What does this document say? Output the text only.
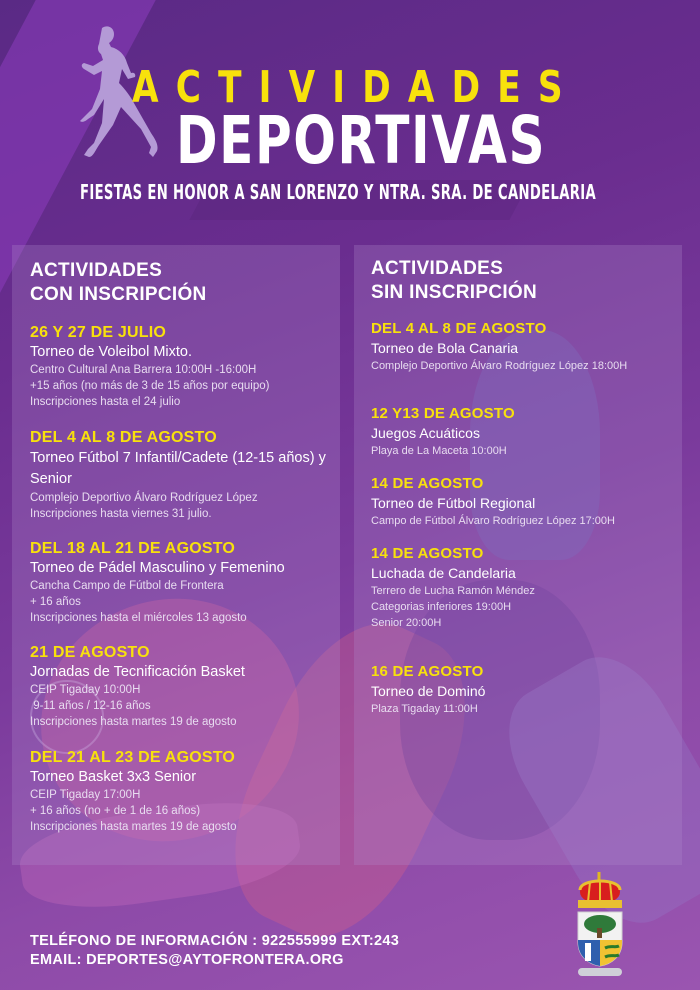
ACTIVIDADES
DEPORTIVAS
FIESTAS EN HONOR A SAN LORENZO Y NTRA. SRA. DE CANDELARIA
ACTIVIDADES
CON INSCRIPCIÓN
26 Y 27 DE JULIO
Torneo de Voleibol Mixto.
Centro Cultural Ana Barrera 10:00H -16:00H
+15 años (no más de 3 de 15 años por equipo)
Inscripciones hasta el 24 julio
DEL 4 AL 8 DE AGOSTO
Torneo Fútbol 7 Infantil/Cadete (12-15 años) y Senior
Complejo Deportivo Álvaro Rodríguez López
Inscripciones hasta viernes 31 julio.
DEL 18 AL 21 DE AGOSTO
Torneo de Pádel Masculino y Femenino
Cancha Campo de Fútbol de Frontera
+ 16 años
Inscripciones hasta el miércoles 13 agosto
21 DE AGOSTO
Jornadas de Tecnificación Basket
CEIP Tigaday 10:00H
9-11 años / 12-16 años
Inscripciones hasta martes 19 de agosto
DEL 21 AL 23 DE AGOSTO
Torneo Basket 3x3 Senior
CEIP Tigaday 17:00H
+ 16 años (no + de 1 de 16 años)
Inscripciones hasta martes 19 de agosto
ACTIVIDADES
SIN INSCRIPCIÓN
DEL 4 AL 8 DE AGOSTO
Torneo de Bola Canaria
Complejo Deportivo Álvaro Rodríguez López 18:00H
12 Y13 DE AGOSTO
Juegos Acuáticos
Playa de La Maceta 10:00H
14 DE AGOSTO
Torneo de Fútbol Regional
Campo de Fútbol Álvaro Rodríguez López 17:00H
14 DE AGOSTO
Luchada de Candelaria
Terrero de Lucha Ramón Méndez
Categorias inferiores 19:00H
Senior 20:00H
16 DE AGOSTO
Torneo de Dominó
Plaza Tigaday 11:00H
TELÉFONO DE INFORMACIÓN : 922555999 EXT:243
EMAIL: DEPORTES@AYTOFRONTERA.ORG
